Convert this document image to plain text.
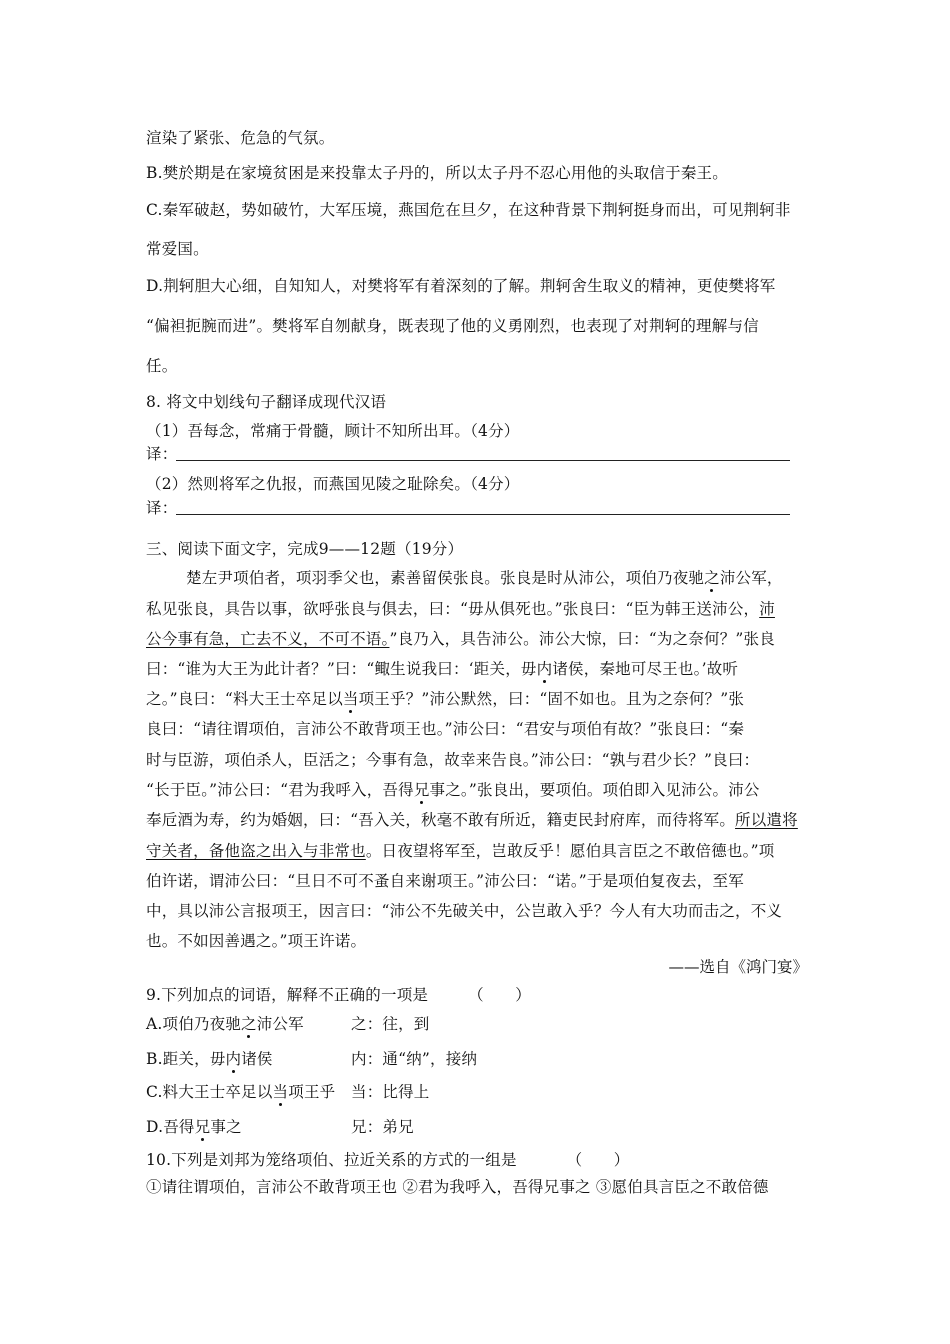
渲染了紧张、危急的气氛。
B.樊於期是在家境贫困是来投靠太子丹的，所以太子丹不忍心用他的头取信于秦王。
C.秦军破赵，势如破竹，大军压境，燕国危在旦夕，在这种背景下荆轲挺身而出，可见荆轲非
常爱国。
D.荆轲胆大心细，自知知人，对樊将军有着深刻的了解。荆轲舍生取义的精神，更使樊将军
“偏袒扼腕而进”。樊将军自刎献身，既表现了他的义勇刚烈，也表现了对荆轲的理解与信
任。
8. 将文中划线句子翻译成现代汉语
（1）吾每念，常痛于骨髓，顾计不知所出耳。（4分）
译：
（2）然则将军之仇报，而燕国见陵之耻除矣。（4分）
译：
三、阅读下面文字，完成9——12题（19分）
楚左尹项伯者，项羽季父也，素善留侯张良。张良是时从沛公，项伯乃夜驰之沛公军，
私见张良，具告以事，欲呼张良与俱去，曰：“毋从俱死也。”张良曰：“臣为韩王送沛公，沛
公今事有急，亡去不义，不可不语。”良乃入，具告沛公。沛公大惊，曰：“为之奈何？”张良
曰：“谁为大王为此计者？”曰：“鲰生说我曰：‘距关，毋内诸侯，秦地可尽王也。’故听
之。”良曰：“料大王士卒足以当项王乎？”沛公默然，曰：“固不如也。且为之奈何？”张
良曰：“请往谓项伯，言沛公不敢背项王也。”沛公曰：“君安与项伯有故？”张良曰：“秦
时与臣游，项伯杀人，臣活之；今事有急，故幸来告良。”沛公曰：“孰与君少长？”良曰：
“长于臣。”沛公曰：“君为我呼入，吾得兄事之。”张良出，要项伯。项伯即入见沛公。沛公
奉卮酒为寿，约为婚姻，曰：“吾入关，秋毫不敢有所近，籍吏民封府库，而待将军。所以遣将
守关者，备他盗之出入与非常也。日夜望将军至，岂敢反乎！愿伯具言臣之不敢倍德也。”项
伯许诺，谓沛公曰：“旦日不可不蚤自来谢项王。”沛公曰：“诺。”于是项伯复夜去，至军
中，具以沛公言报项王，因言曰：“沛公不先破关中，公岂敢入乎？今人有大功而击之，不义
也。不如因善遇之。”项王许诺。
——选自《鸿门宴》
9.下列加点的词语，解释不正确的一项是	（　　）
A.项伯乃夜驰之沛公军	之：往，到
B.距关，毋内诸侯	内：通“纳”，接纳
C.料大王士卒足以当项王乎 当：比得上
D.吾得兄事之	兄：弟兄
10.下列是刘邦为笼络项伯、拉近关系的方式的一组是	（　　）
①请往谓项伯，言沛公不敢背项王也 ②君为我呼入，吾得兄事之 ③愿伯具言臣之不敢倍德
